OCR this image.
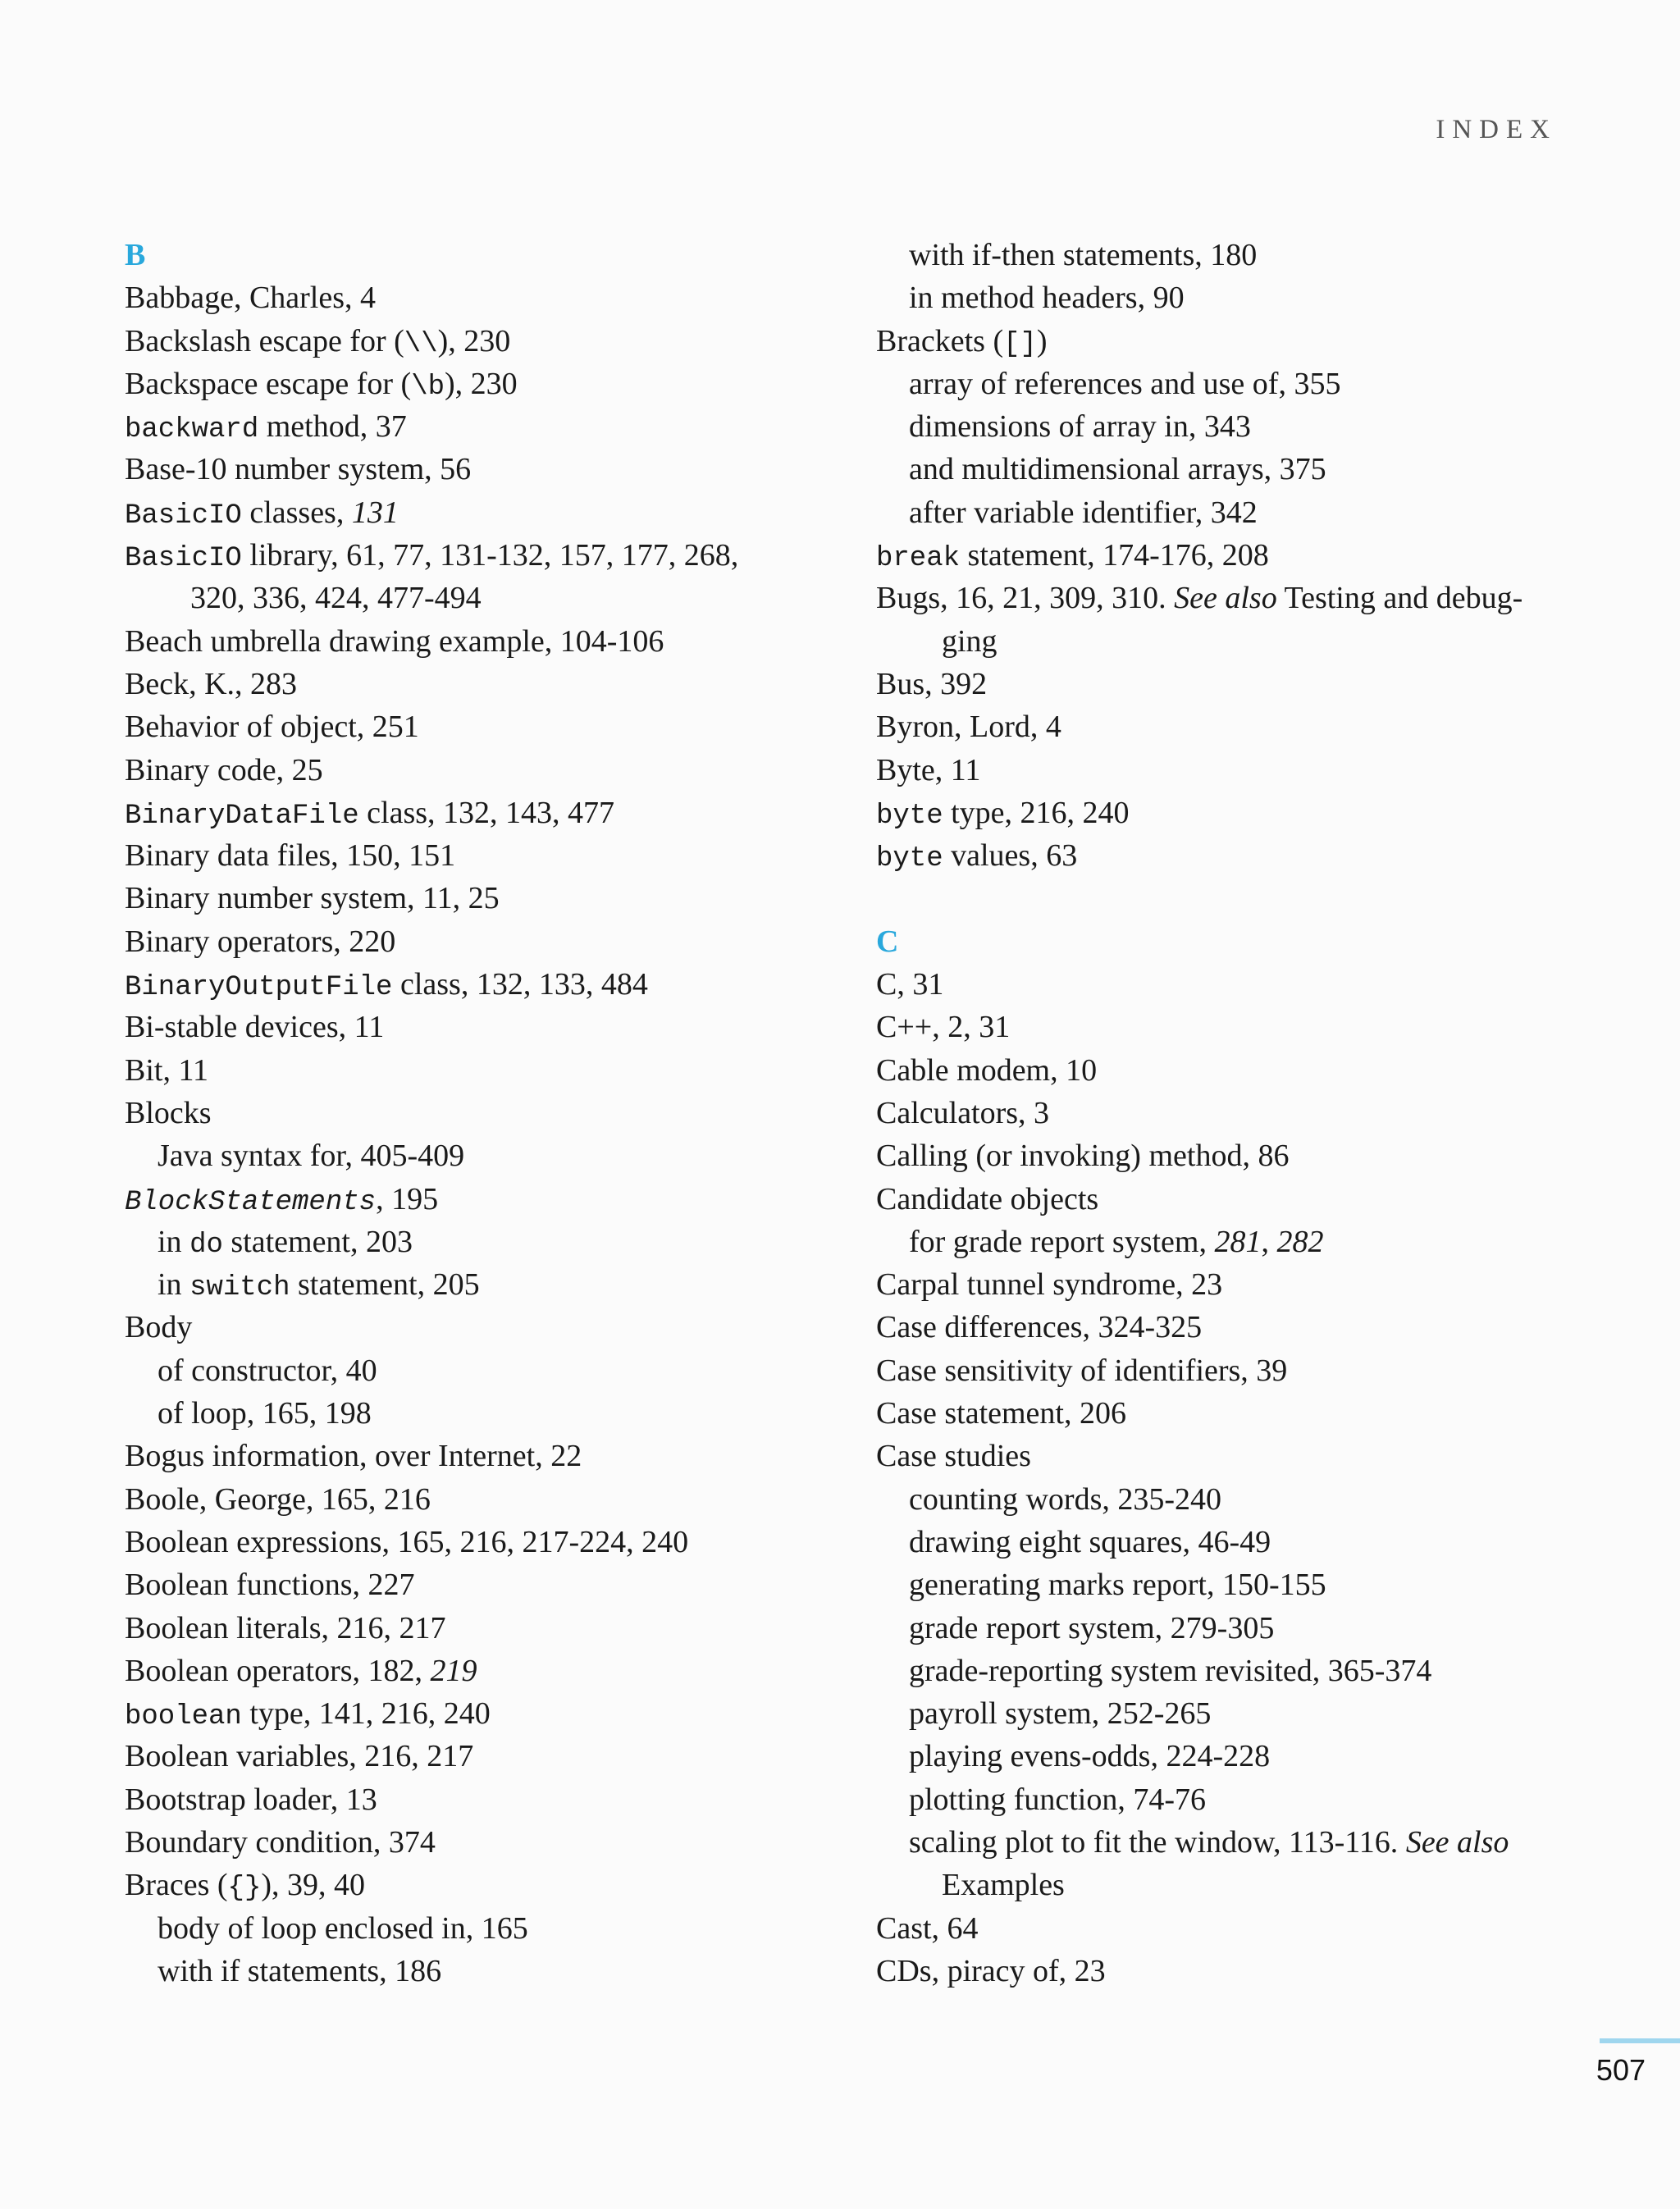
INDEX
B
Babbage, Charles, 4
Backslash escape for (\\), 230
Backspace escape for (\b), 230
backward method, 37
Base-10 number system, 56
BasicIO classes, 131
BasicIO library, 61, 77, 131-132, 157, 177, 268,
320, 336, 424, 477-494
Beach umbrella drawing example, 104-106
Beck, K., 283
Behavior of object, 251
Binary code, 25
BinaryDataFile class, 132, 143, 477
Binary data files, 150, 151
Binary number system, 11, 25
Binary operators, 220
BinaryOutputFile class, 132, 133, 484
Bi-stable devices, 11
Bit, 11
Blocks
Java syntax for, 405-409
BlockStatements, 195
in do statement, 203
in switch statement, 205
Body
of constructor, 40
of loop, 165, 198
Bogus information, over Internet, 22
Boole, George, 165, 216
Boolean expressions, 165, 216, 217-224, 240
Boolean functions, 227
Boolean literals, 216, 217
Boolean operators, 182, 219
boolean type, 141, 216, 240
Boolean variables, 216, 217
Bootstrap loader, 13
Boundary condition, 374
Braces ({}), 39, 40
body of loop enclosed in, 165
with if statements, 186
with if-then statements, 180
in method headers, 90
Brackets ([])
array of references and use of, 355
dimensions of array in, 343
and multidimensional arrays, 375
after variable identifier, 342
break statement, 174-176, 208
Bugs, 16, 21, 309, 310. See also Testing and debug-
ging
Bus, 392
Byron, Lord, 4
Byte, 11
byte type, 216, 240
byte values, 63
C
C, 31
C++, 2, 31
Cable modem, 10
Calculators, 3
Calling (or invoking) method, 86
Candidate objects
for grade report system, 281, 282
Carpal tunnel syndrome, 23
Case differences, 324-325
Case sensitivity of identifiers, 39
Case statement, 206
Case studies
counting words, 235-240
drawing eight squares, 46-49
generating marks report, 150-155
grade report system, 279-305
grade-reporting system revisited, 365-374
payroll system, 252-265
playing evens-odds, 224-228
plotting function, 74-76
scaling plot to fit the window, 113-116. See also
Examples
Cast, 64
CDs, piracy of, 23
507
